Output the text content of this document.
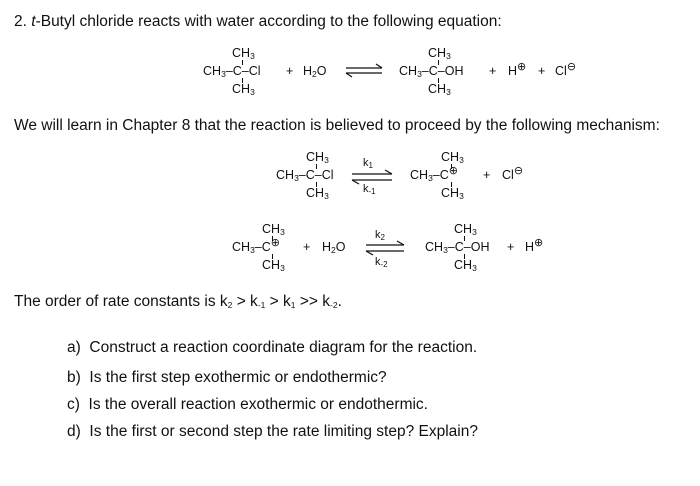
2. t-Butyl chloride reacts with water according to the following equation:
$CH_3$
$CH_3-C-Cl$
$CH_3$
+ $H_2O$
$CH_3$
$CH_3-C-OH$
$CH_3$
+ H⊕ + Cl⊖
We will learn in Chapter 8 that the reaction is believed to proceed by the following mechanism:
$CH_3$
$CH_3-C-Cl$
$CH_3$
$k_1$
$k_{-1}$
$CH_3$
$CH_3-C\oplus$
$CH_3$
+ Cl⊖
$CH_3$
$CH_3-C\oplus$
$CH_3$
+ $H_2O$
$k_2$
$k_{-2}$
$CH_3$
$CH_3-C-OH$
$CH_3$
+ H⊕
The order of rate constants is $k_2 > k_{-1} > k_1 >> k_{-2}$.
a) Construct a reaction coordinate diagram for the reaction.
b) Is the first step exothermic or endothermic?
c) Is the overall reaction exothermic or endothermic.
d) Is the first or second step the rate limiting step? Explain?
